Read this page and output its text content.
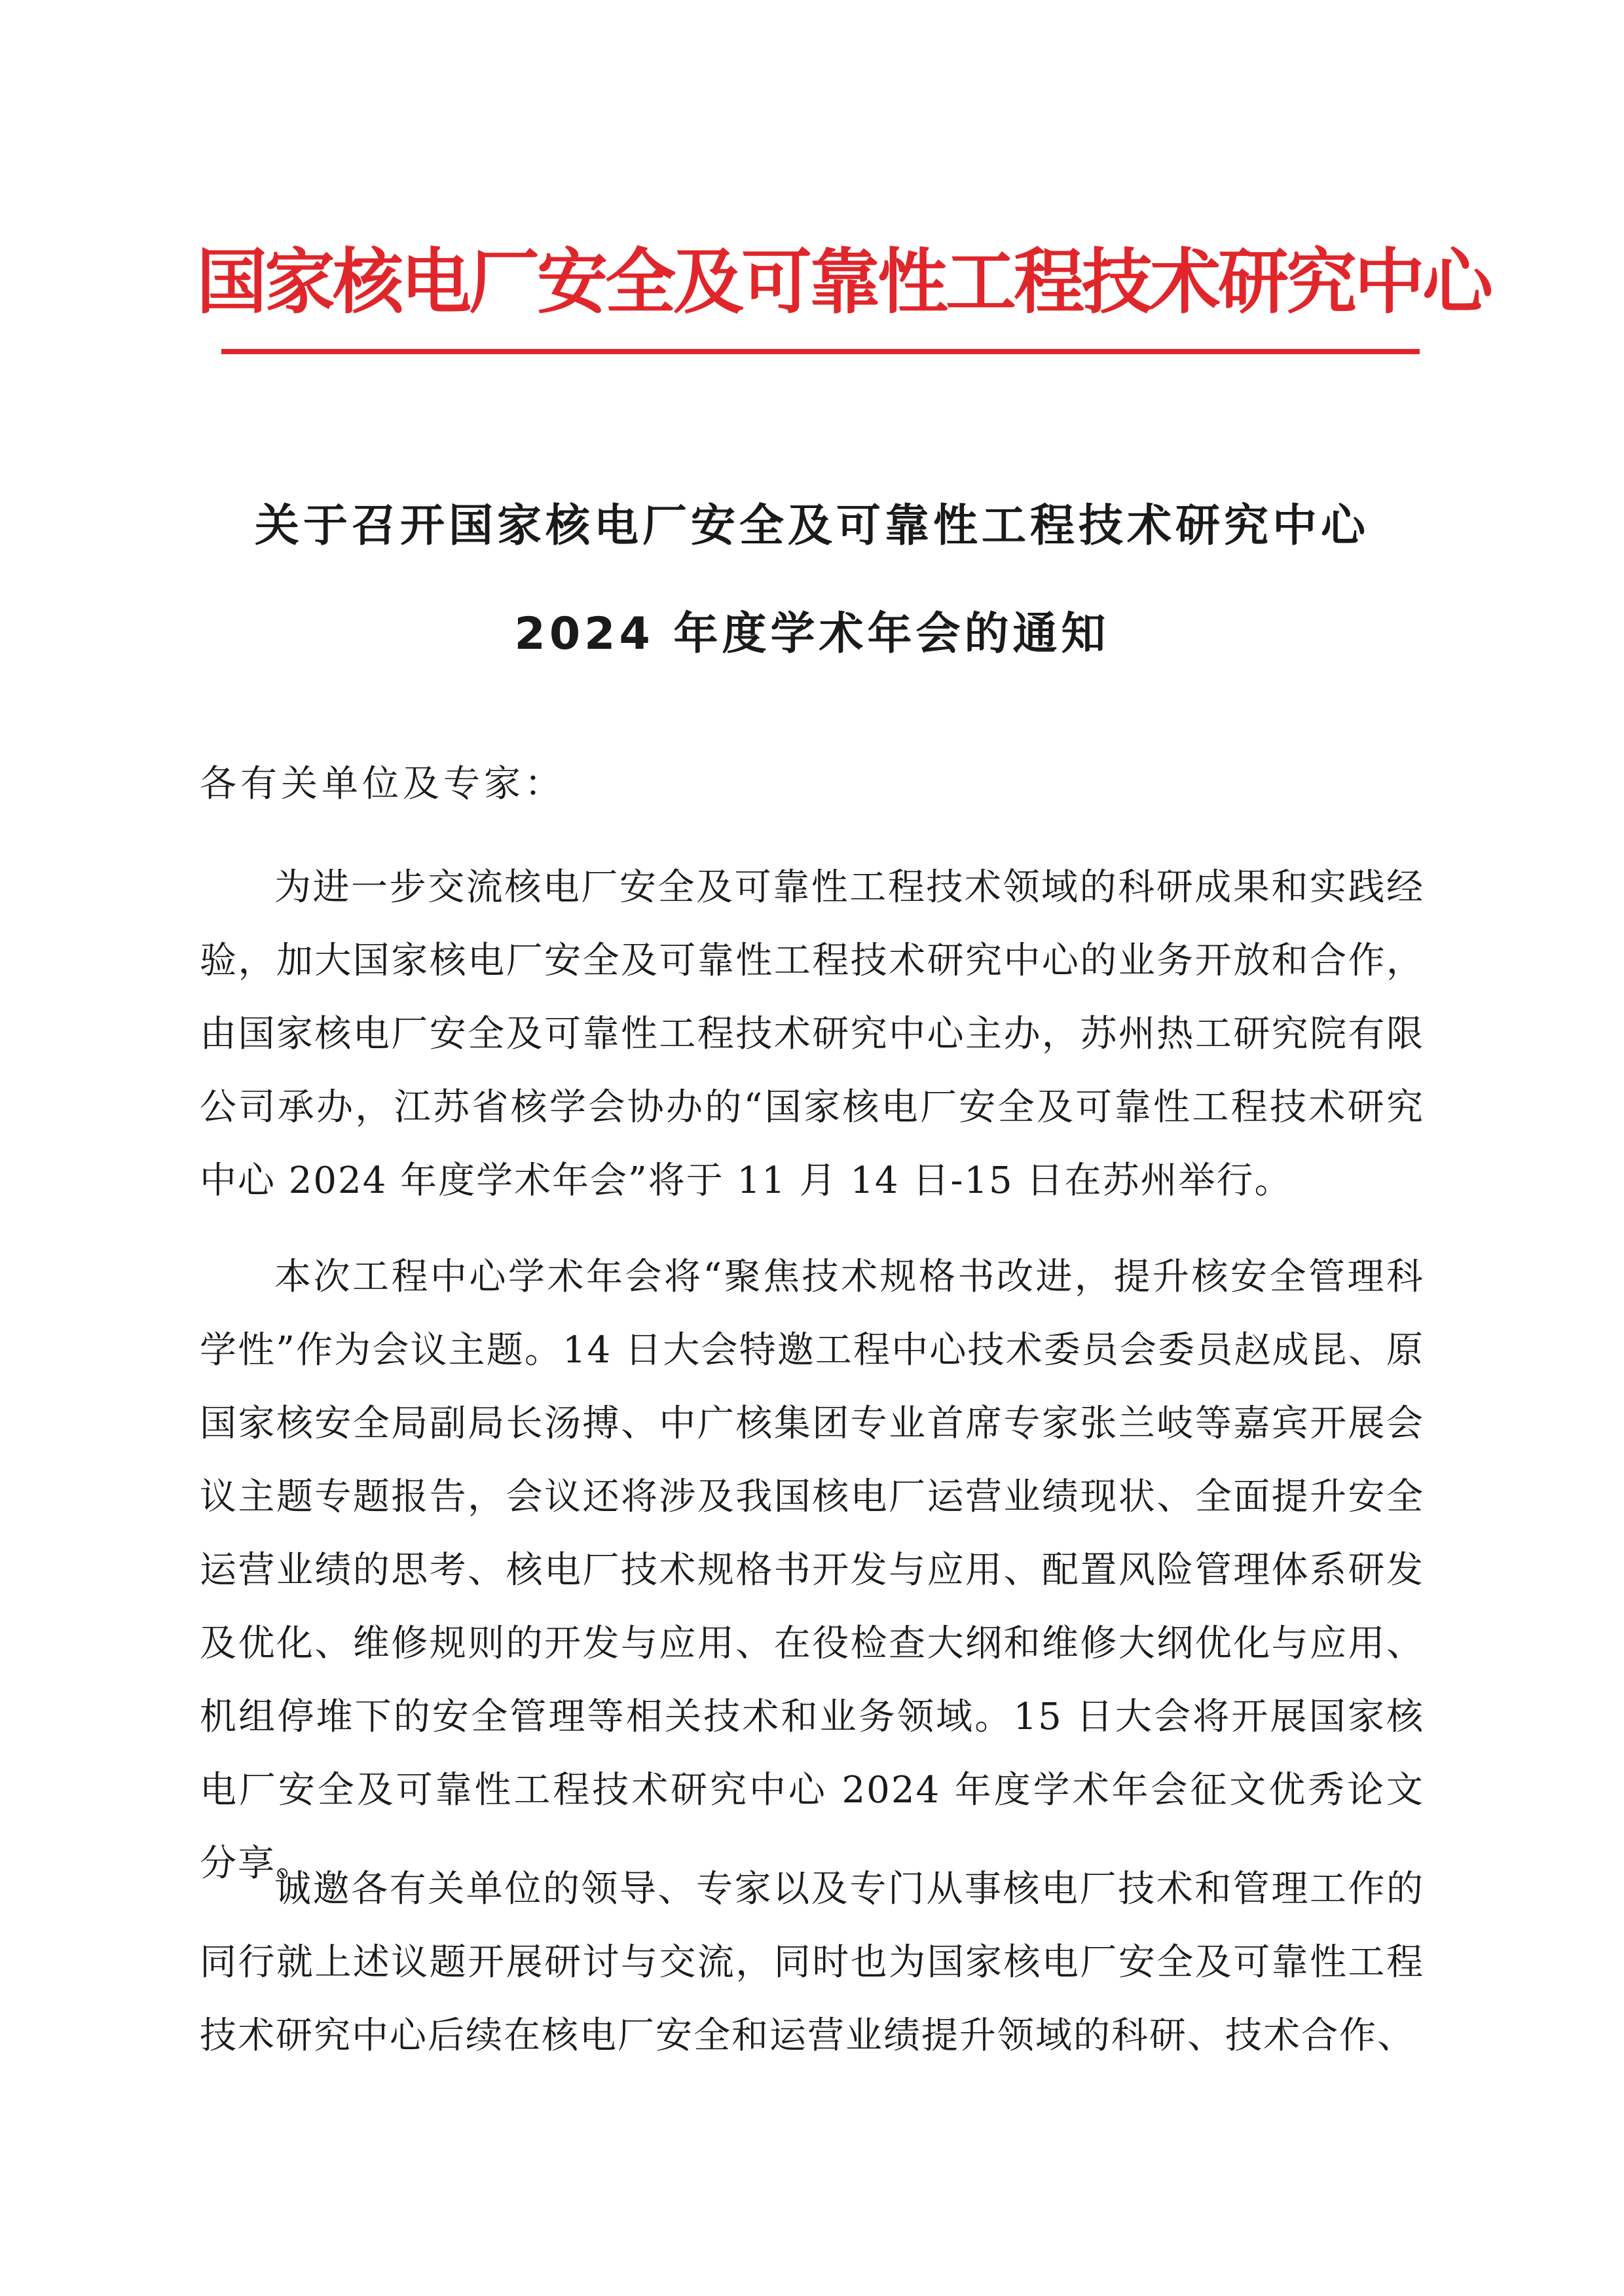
国家核电厂安全及可靠性工程技术研究中心
关于召开国家核电厂安全及可靠性工程技术研究中心
2024 年度学术年会的通知
各有关单位及专家：

为进一步交流核电厂安全及可靠性工程技术领域的科研成果和实践经验，加大国家核电厂安全及可靠性工程技术研究中心的业务开放和合作，由国家核电厂安全及可靠性工程技术研究中心主办，苏州热工研究院有限公司承办，江苏省核学会协办的“国家核电厂安全及可靠性工程技术研究中心 2024 年度学术年会”将于 11 月 14 日-15 日在苏州举行。

本次工程中心学术年会将“聚焦技术规格书改进，提升核安全管理科学性”作为会议主题。14 日大会特邀工程中心技术委员会委员赵成昆、原国家核安全局副局长汤搏、中广核集团专业首席专家张兰岐等嘉宾开展会议主题专题报告，会议还将涉及我国核电厂运营业绩现状、全面提升安全运营业绩的思考、核电厂技术规格书开发与应用、配置风险管理体系研发及优化、维修规则的开发与应用、在役检查大纲和维修大纲优化与应用、机组停堆下的安全管理等相关技术和业务领域。15 日大会将开展国家核电厂安全及可靠性工程技术研究中心 2024 年度学术年会征文优秀论文分享。

诚邀各有关单位的领导、专家以及专门从事核电厂技术和管理工作的同行就上述议题开展研讨与交流，同时也为国家核电厂安全及可靠性工程技术研究中心后续在核电厂安全和运营业绩提升领域的科研、技术合作、
